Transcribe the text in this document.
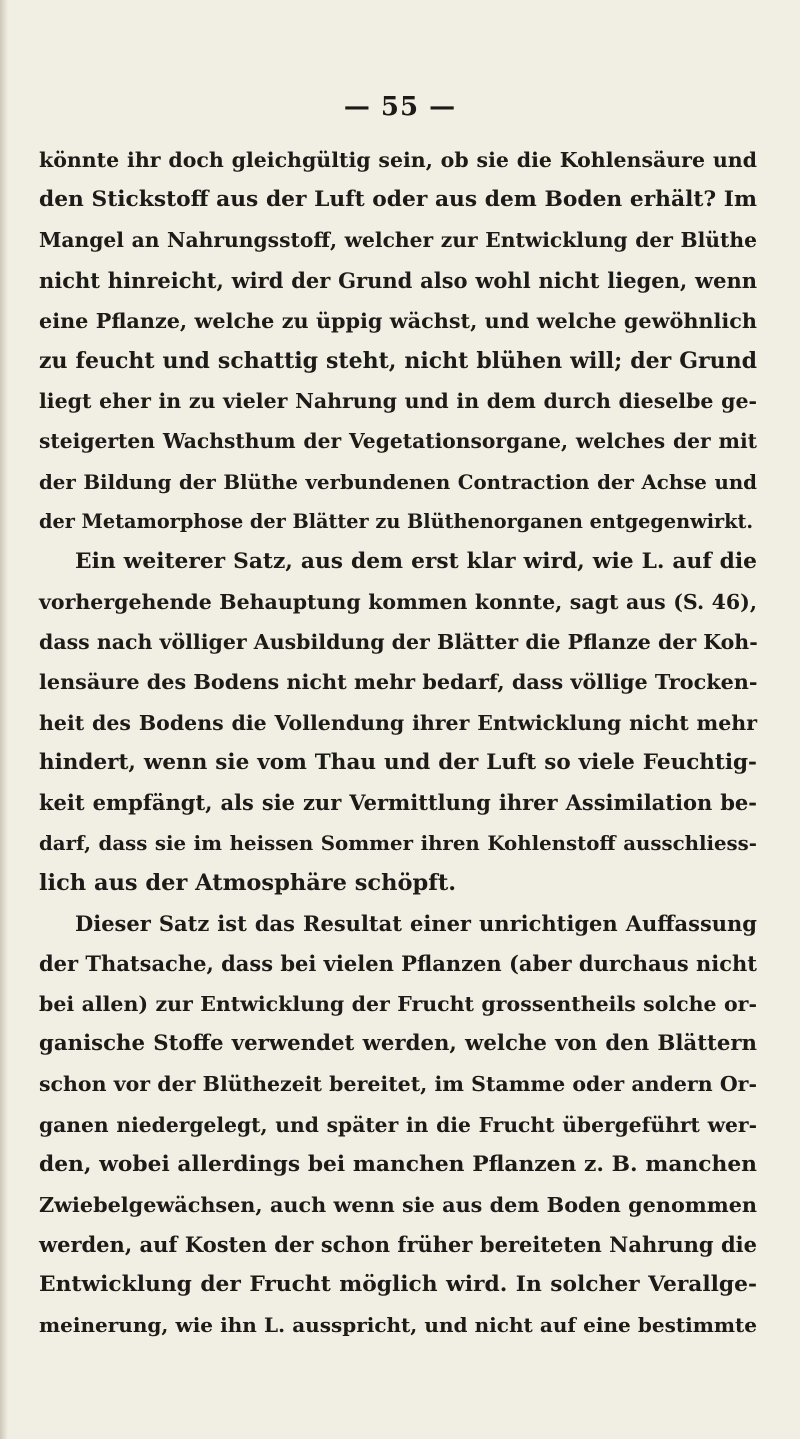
— 55 —
könnte ihr doch gleichgültig sein, ob sie die Kohlensäure und
den Stickstoff aus der Luft oder aus dem Boden erhält? Im
Mangel an Nahrungsstoff, welcher zur Entwicklung der Blüthe
nicht hinreicht, wird der Grund also wohl nicht liegen, wenn
eine Pflanze, welche zu üppig wächst, und welche gewöhnlich
zu feucht und schattig steht, nicht blühen will; der Grund
liegt eher in zu vieler Nahrung und in dem durch dieselbe ge-
steigerten Wachsthum der Vegetationsorgane, welches der mit
der Bildung der Blüthe verbundenen Contraction der Achse und
der Metamorphose der Blätter zu Blüthenorganen entgegenwirkt.
Ein weiterer Satz, aus dem erst klar wird, wie L. auf die
vorhergehende Behauptung kommen konnte, sagt aus (S. 46),
dass nach völliger Ausbildung der Blätter die Pflanze der Koh-
lensäure des Bodens nicht mehr bedarf, dass völlige Trocken-
heit des Bodens die Vollendung ihrer Entwicklung nicht mehr
hindert, wenn sie vom Thau und der Luft so viele Feuchtig-
keit empfängt, als sie zur Vermittlung ihrer Assimilation be-
darf, dass sie im heissen Sommer ihren Kohlenstoff ausschliess-
lich aus der Atmosphäre schöpft.
Dieser Satz ist das Resultat einer unrichtigen Auffassung
der Thatsache, dass bei vielen Pflanzen (aber durchaus nicht
bei allen) zur Entwicklung der Frucht grossentheils solche or-
ganische Stoffe verwendet werden, welche von den Blättern
schon vor der Blüthezeit bereitet, im Stamme oder andern Or-
ganen niedergelegt, und später in die Frucht übergeführt wer-
den, wobei allerdings bei manchen Pflanzen z. B. manchen
Zwiebelgewächsen, auch wenn sie aus dem Boden genommen
werden, auf Kosten der schon früher bereiteten Nahrung die
Entwicklung der Frucht möglich wird. In solcher Verallge-
meinerung, wie ihn L. ausspricht, und nicht auf eine bestimmte
